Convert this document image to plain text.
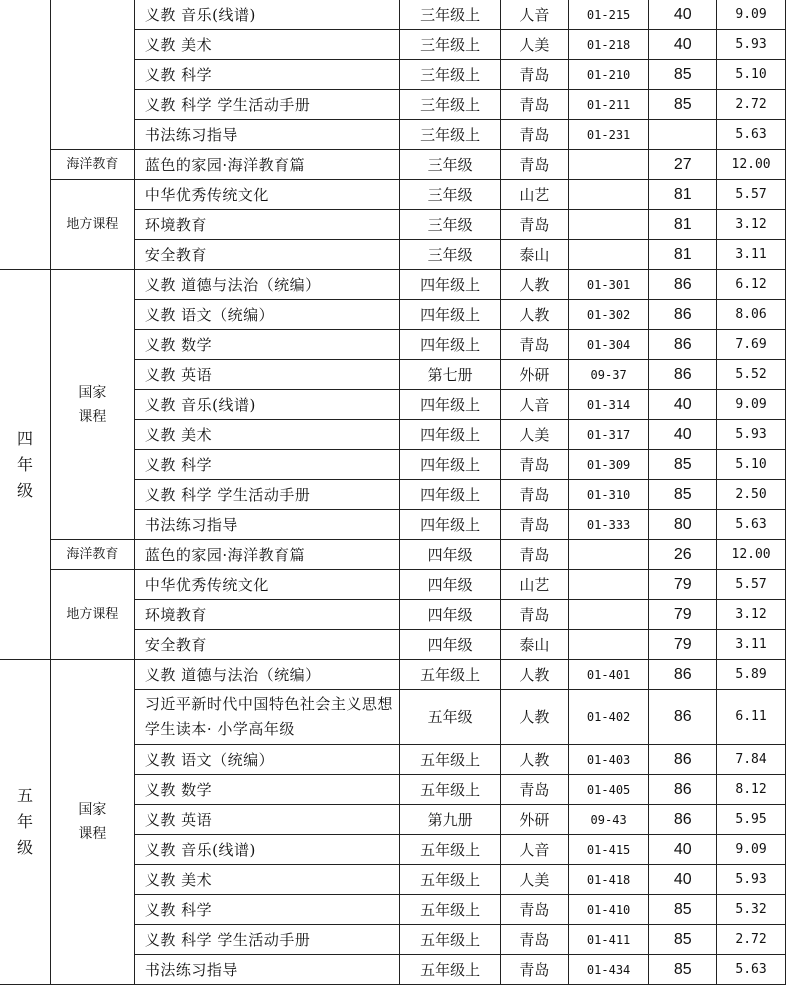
		义教 音乐(线谱)	三年级上	人音	01-215	40	9.09
		义教 美术	三年级上	人美	01-218	40	5.93
		义教 科学	三年级上	青岛	01-210	85	5.10
		义教 科学 学生活动手册	三年级上	青岛	01-211	85	2.72
		书法练习指导	三年级上	青岛	01-231		5.63
	海洋教育	蓝色的家园·海洋教育篇	三年级	青岛		27	12.00
	地方课程	中华优秀传统文化	三年级	山艺		81	5.57
		环境教育	三年级	青岛		81	3.12
		安全教育	三年级	泰山		81	3.11
四年级	国家课程	义教 道德与法治（统编）	四年级上	人教	01-301	86	6.12
		义教 语文（统编）	四年级上	人教	01-302	86	8.06
		义教 数学	四年级上	青岛	01-304	86	7.69
		义教 英语	第七册	外研	09-37	86	5.52
		义教 音乐(线谱)	四年级上	人音	01-314	40	9.09
		义教 美术	四年级上	人美	01-317	40	5.93
		义教 科学	四年级上	青岛	01-309	85	5.10
		义教 科学 学生活动手册	四年级上	青岛	01-310	85	2.50
		书法练习指导	四年级上	青岛	01-333	80	5.63
	海洋教育	蓝色的家园·海洋教育篇	四年级	青岛		26	12.00
	地方课程	中华优秀传统文化	四年级	山艺		79	5.57
		环境教育	四年级	青岛		79	3.12
		安全教育	四年级	泰山		79	3.11
五年级	国家课程	义教 道德与法治（统编）	五年级上	人教	01-401	86	5.89
		习近平新时代中国特色社会主义思想学生读本· 小学高年级	五年级	人教	01-402	86	6.11
		义教 语文（统编）	五年级上	人教	01-403	86	7.84
		义教 数学	五年级上	青岛	01-405	86	8.12
		义教 英语	第九册	外研	09-43	86	5.95
		义教 音乐(线谱)	五年级上	人音	01-415	40	9.09
		义教 美术	五年级上	人美	01-418	40	5.93
		义教 科学	五年级上	青岛	01-410	85	5.32
		义教 科学 学生活动手册	五年级上	青岛	01-411	85	2.72
		书法练习指导	五年级上	青岛	01-434	85	5.63
